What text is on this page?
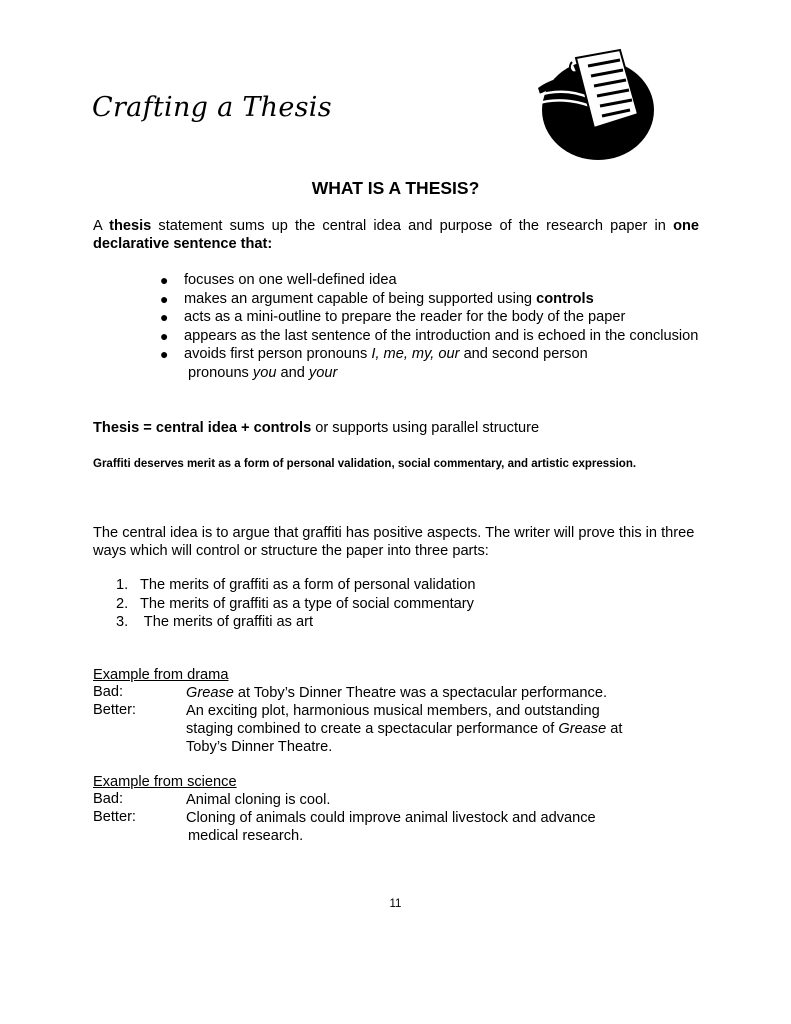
Crafting a Thesis
WHAT IS A THESIS?
A thesis statement sums up the central idea and purpose of the research paper in one declarative sentence that:
● focuses on one well-defined idea
● makes an argument capable of being supported using controls
● acts as a mini-outline to prepare the reader for the body of the paper
● appears as the last sentence of the introduction and is echoed in the conclusion
● avoids first person pronouns I, me, my, our and second person
pronouns you and your
Thesis = central idea + controls or supports using parallel structure
Graffiti deserves merit as a form of personal validation, social commentary, and artistic expression.
The central idea is to argue that graffiti has positive aspects. The writer will prove this in three ways which will control or structure the paper into three parts:
1. The merits of graffiti as a form of personal validation
2. The merits of graffiti as a type of social commentary
3. The merits of graffiti as art
Example from drama
Bad:	Grease at Toby’s Dinner Theatre was a spectacular performance.
Better:	An exciting plot, harmonious musical members, and outstanding staging combined to create a spectacular performance of Grease at Toby’s Dinner Theatre.
Example from science
Bad:	Animal cloning is cool.
Better:	Cloning of animals could improve animal livestock and advance
medical research.
11
